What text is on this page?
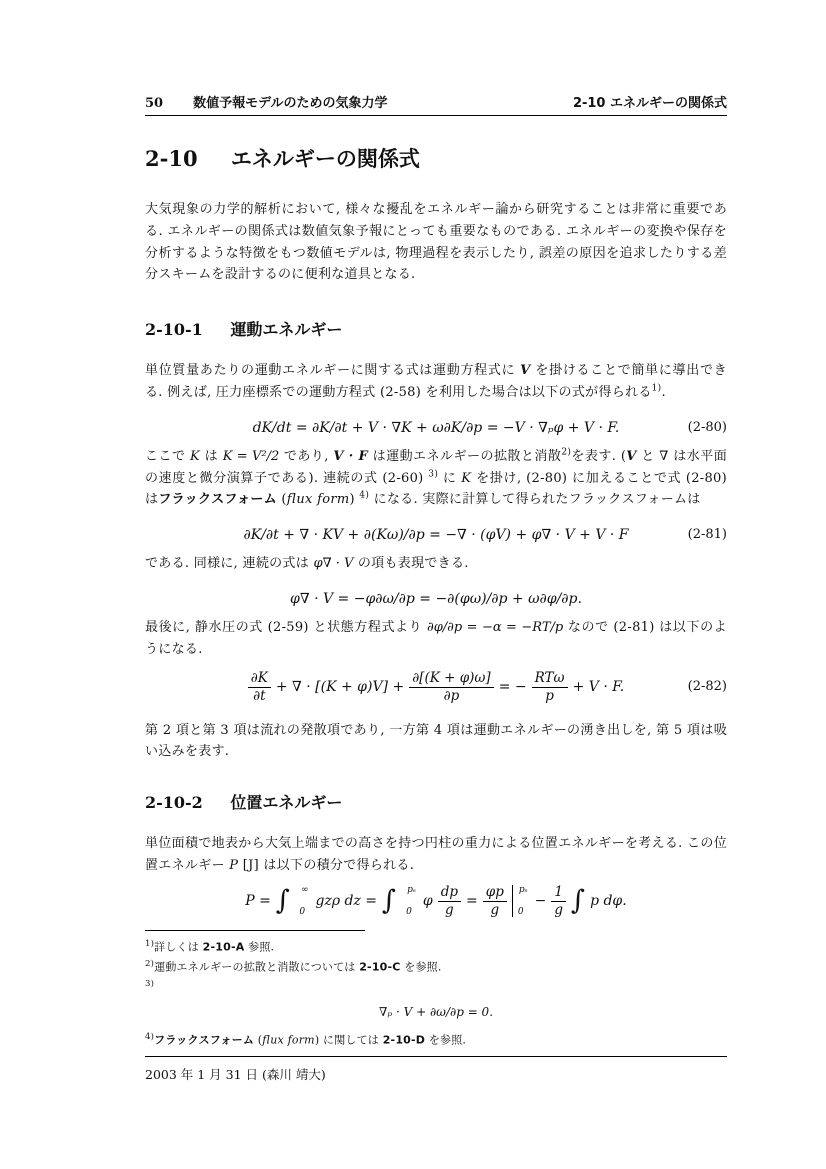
50 数値予報モデルのための気象力学	2-10 エネルギーの関係式
2-10 エネルギーの関係式

大気現象の力学的解析において, 様々な擾乱をエネルギー論から研究することは非常に重要である. エネルギーの関係式は数値気象予報にとっても重要なものである. エネルギーの変換や保存を分析するような特徴をもつ数値モデルは, 物理過程を表示したり, 誤差の原因を追求したりする差分スキームを設計するのに便利な道具となる.

2-10-1 運動エネルギー

単位質量あたりの運動エネルギーに関する式は運動方程式に V を掛けることで簡単に導出できる. 例えば, 圧力座標系での運動方程式 (2-58) を利用した場合は以下の式が得られる$^{1)}$.

dK/dt = ∂K/∂t + V · ∇K + ω∂K/∂p = −V · ∇ₚφ + V · F.	(2-80)

ここで K は K = V²/2 であり, V · F は運動エネルギーの拡散と消散$^{2)}$を表す. (V と ∇ は水平面の速度と微分演算子である). 連続の式 (2-60) $^{3)}$ に K を掛け, (2-80) に加えることで式 (2-80) はフラックスフォーム (flux form) $^{4)}$ になる. 実際に計算して得られたフラックスフォームは

∂K/∂t + ∇ · KV + ∂(Kω)/∂p = −∇ · (φV) + φ∇ · V + V · F	(2-81)

である. 同様に, 連続の式は φ∇ · V の項も表現できる.

φ∇ · V = −φ∂ω/∂p = −∂(φω)/∂p + ω∂φ/∂p.

最後に, 静水圧の式 (2-59) と状態方程式より ∂φ/∂p = −α = −RT/p なので (2-81) は以下のようになる.

$\frac{\partial K}{\partial t}$ + ∇ · $[(K + \varphi)V] + \frac{\partial[(K + \varphi)\omega]}{\partial p}$ = − $\frac{\text{RTω}}{p} + V \cdot F$.	(2-82)

第 2 項と第 3 項は流れの発散項であり, 一方第 4 項は運動エネルギーの湧き出しを, 第 5 項は吸い込みを表す.

2-10-2 位置エネルギー

単位面積で地表から大気上端までの高さを持つ円柱の重力による位置エネルギーを考える. この位置エネルギー P [J] は以下の積分で得られる.

P = ∫	∞
0
gzρ dz = ∫	pₛ
0
φ $\frac{dp}{g} = \frac{\varphi p}{g}$	pₛ
0
− $\frac{1}{g}$ ∫ p dφ.
$^{1)}$詳しくは 2-10-A 参照.
$^{2)}$運動エネルギーの拡散と消散については 2-10-C を参照.
$^{3)}$
∇ₚ · V + ∂ω/∂p = 0.
$^{4)}$フラックスフォーム (flux form) に関しては 2-10-D を参照.
2003 年 1 月 31 日 (森川 靖大)
